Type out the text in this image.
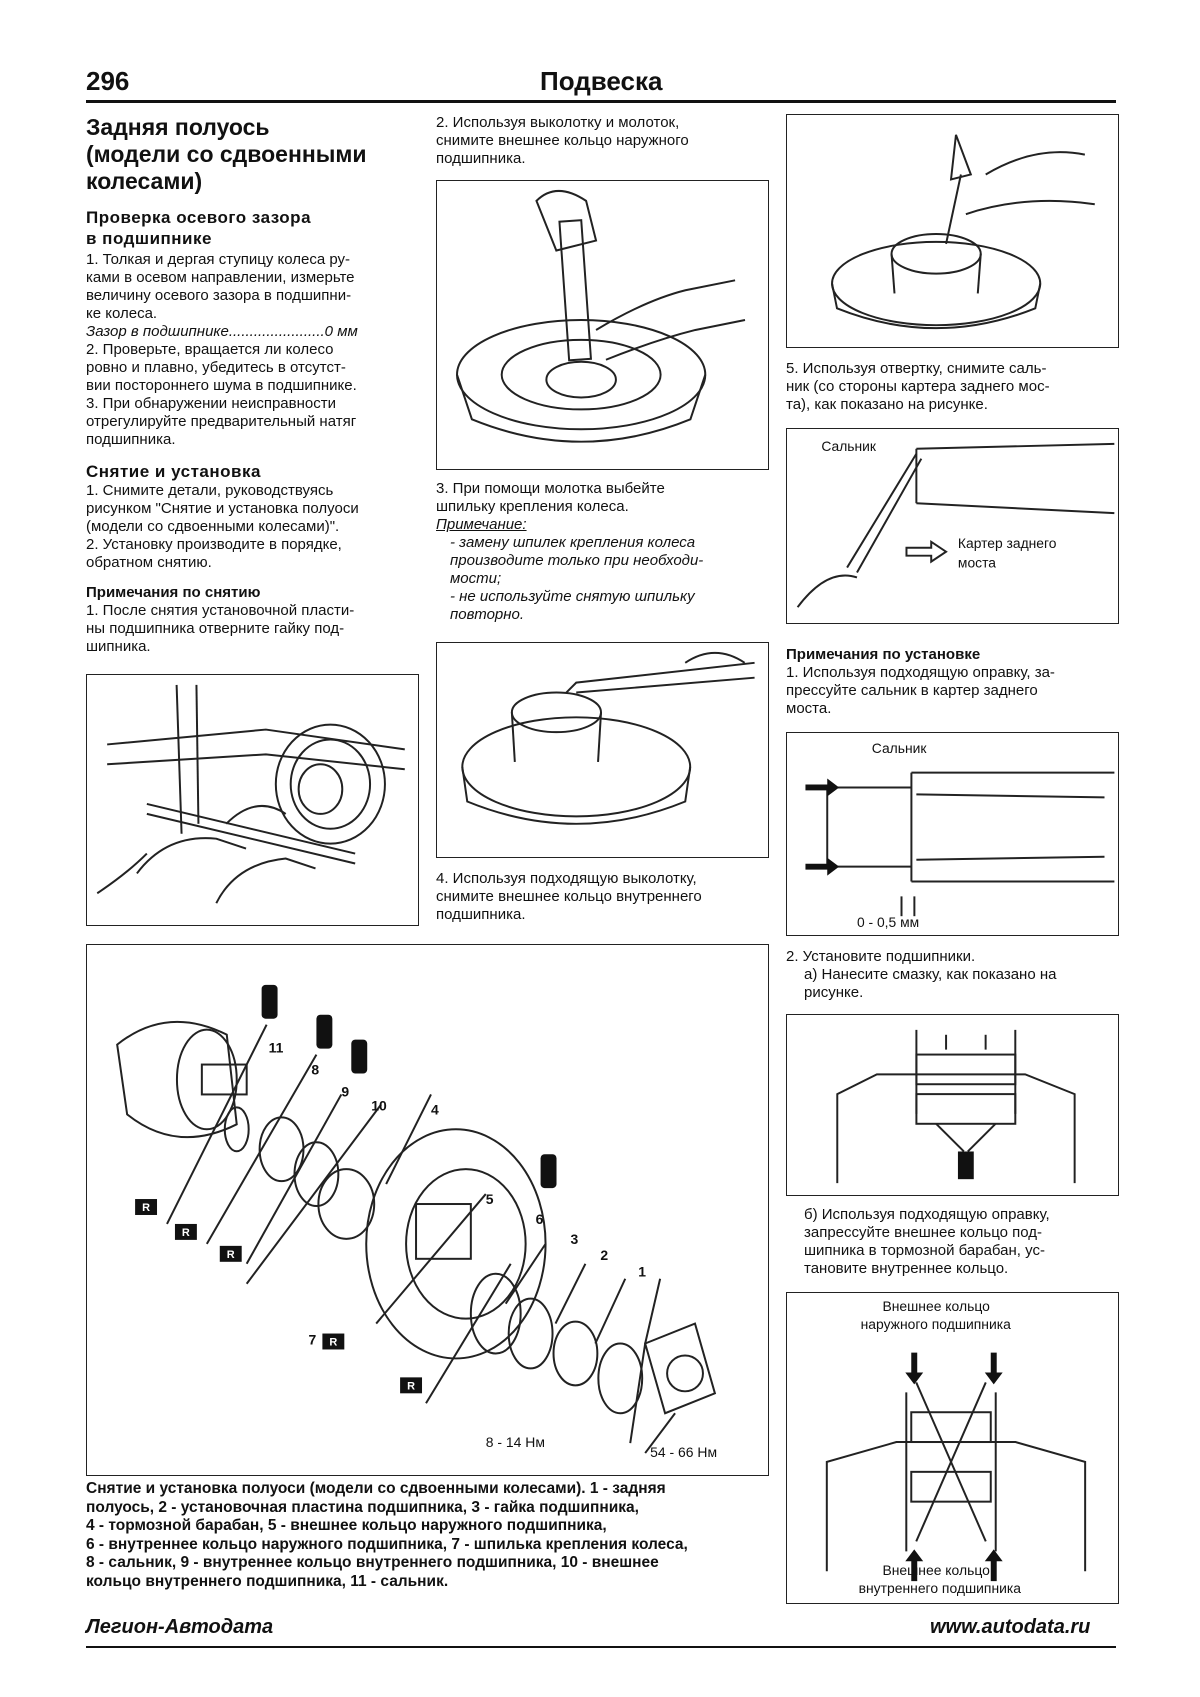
296	Подвеска
Задняя полуось
(модели со сдвоенными
колесами)
Проверка осевого зазора
в подшипнике
1. Толкая и дергая ступицу колеса ру-
ками в осевом направлении, измерьте
величину осевого зазора в подшипни-
ке колеса.
Зазор в подшипнике.......................0 мм
2. Проверьте, вращается ли колесо
ровно и плавно, убедитесь в отсутст-
вии постороннего шума в подшипнике.
3. При обнаружении неисправности
отрегулируйте предварительный натяг
подшипника.
Снятие и установка
1. Снимите детали, руководствуясь
рисунком "Снятие и установка полуоси
(модели со сдвоенными колесами)".
2. Установку производите в порядке,
обратном снятию.
Примечания по снятию
1. После снятия установочной пласти-
ны подшипника отверните гайку под-
шипника.
2. Используя выколотку и молоток,
снимите внешнее кольцо наружного
подшипника.
3. При помощи молотка выбейте
шпильку крепления колеса.
Примечание:
- замену шпилек крепления колеса
производите только при необходи-
мости;
- не используйте снятую шпильку
повторно.
4. Используя подходящую выколотку,
снимите внешнее кольцо внутреннего
подшипника.
5. Используя отвертку, снимите саль-
ник (со стороны картера заднего мос-
та), как показано на рисунке.
Сальник
Картер заднего
моста
Примечания по установке
1. Используя подходящую оправку, за-
прессуйте сальник в картер заднего
моста.
Сальник
0 - 0,5 мм
2. Установите подшипники.
а) Нанесите смазку, как показано на
рисунке.
б) Используя подходящую оправку,
запрессуйте внешнее кольцо под-
шипника в тормозной барабан, ус-
тановите внутреннее кольцо.
Внешнее кольцо
наружного подшипника
Внешнее кольцо
внутреннего подшипника
11
8
9
10	4
5
6
3
2
1
7
R
R
R
R
R
8 - 14 Нм
54 - 66 Нм
Снятие и установка полуоси (модели со сдвоенными колесами). 1 - задняя
полуось, 2 - установочная пластина подшипника, 3 - гайка подшипника,
4 - тормозной барабан, 5 - внешнее кольцо наружного подшипника,
6 - внутреннее кольцо наружного подшипника, 7 - шпилька крепления колеса,
8 - сальник, 9 - внутреннее кольцо внутреннего подшипника, 10 - внешнее
кольцо внутреннего подшипника, 11 - сальник.
Легион-Автодата	www.autodata.ru
